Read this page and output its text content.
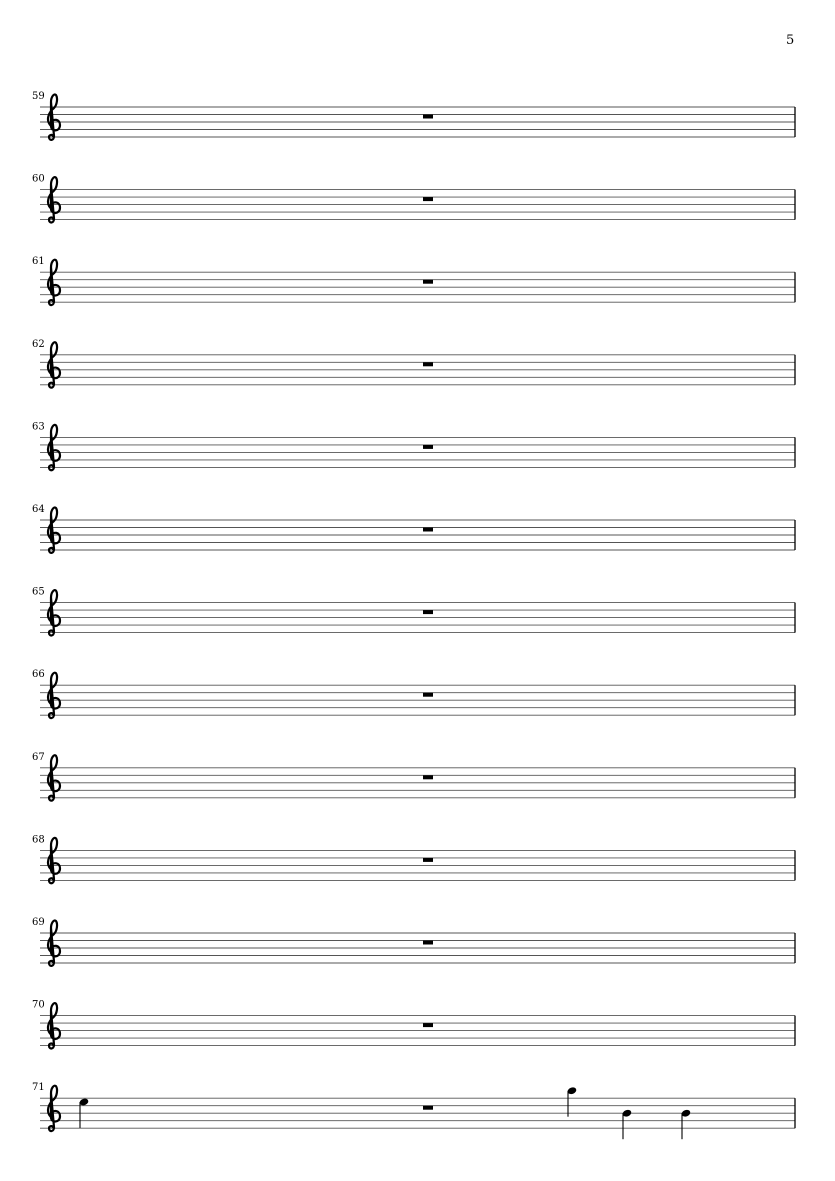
5
59
60
61
62
63
64
65
66
67
68
69
70
71
